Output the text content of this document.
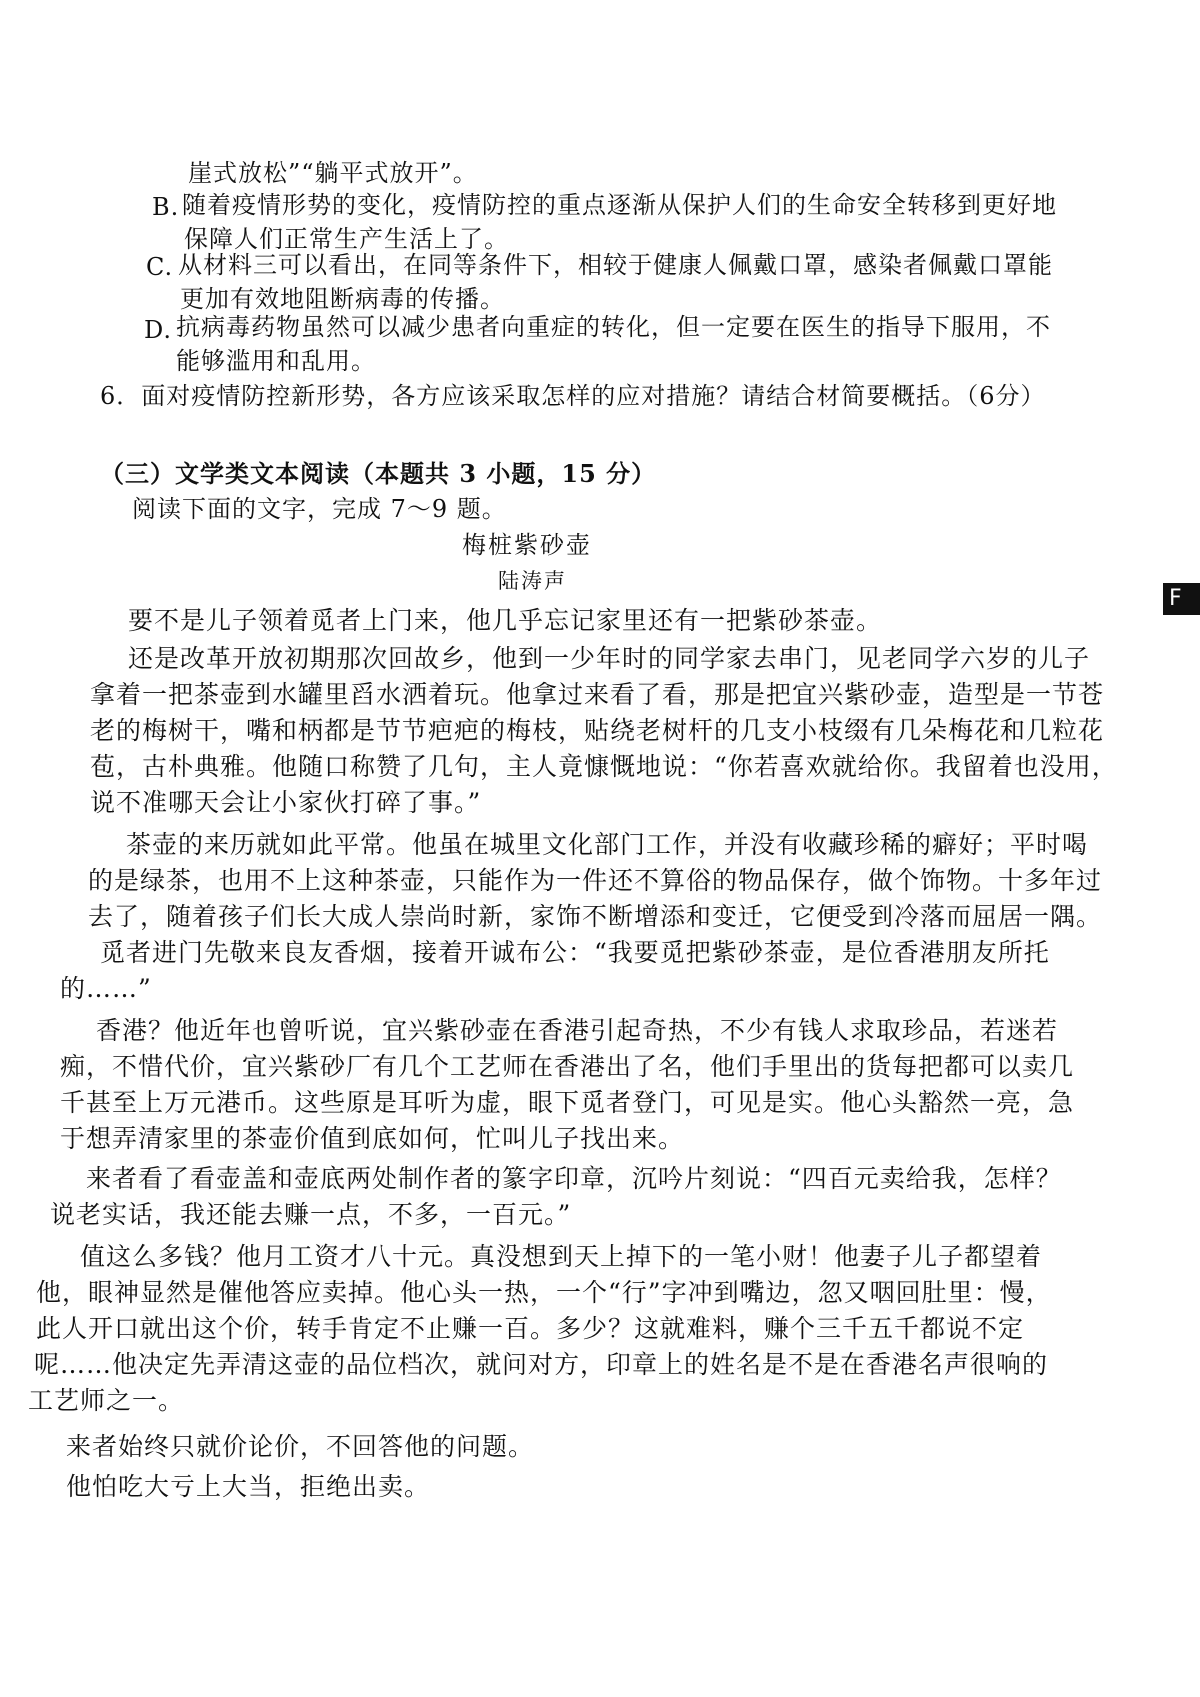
崖式放松”“躺平式放开”。
B. 随着疫情形势的变化，疫情防控的重点逐渐从保护人们的生命安全转移到更好地
保障人们正常生产生活上了。
C. 从材料三可以看出，在同等条件下，相较于健康人佩戴口罩，感染者佩戴口罩能
更加有效地阻断病毒的传播。
D. 抗病毒药物虽然可以减少患者向重症的转化，但一定要在医生的指导下服用，不
能够滥用和乱用。
6．面对疫情防控新形势，各方应该采取怎样的应对措施？请结合材简要概括。（6分）
（三）文学类文本阅读（本题共 3 小题，15 分）
阅读下面的文字，完成 7～9 题。
梅桩紫砂壶
陆涛声
要不是儿子领着觅者上门来，他几乎忘记家里还有一把紫砂茶壶。
还是改革开放初期那次回故乡，他到一少年时的同学家去串门，见老同学六岁的儿子
拿着一把茶壶到水罐里舀水洒着玩。他拿过来看了看，那是把宜兴紫砂壶，造型是一节苍
老的梅树干，嘴和柄都是节节疤疤的梅枝，贴绕老树杆的几支小枝缀有几朵梅花和几粒花
苞，古朴典雅。他随口称赞了几句，主人竟慷慨地说：“你若喜欢就给你。我留着也没用，
说不准哪天会让小家伙打碎了事。”
茶壶的来历就如此平常。他虽在城里文化部门工作，并没有收藏珍稀的癖好；平时喝
的是绿茶，也用不上这种茶壶，只能作为一件还不算俗的物品保存，做个饰物。十多年过
去了，随着孩子们长大成人崇尚时新，家饰不断增添和变迁，它便受到冷落而屈居一隅。
觅者进门先敬来良友香烟，接着开诚布公：“我要觅把紫砂茶壶，是位香港朋友所托
的……”
香港？他近年也曾听说，宜兴紫砂壶在香港引起奇热，不少有钱人求取珍品，若迷若
痴，不惜代价，宜兴紫砂厂有几个工艺师在香港出了名，他们手里出的货每把都可以卖几
千甚至上万元港币。这些原是耳听为虚，眼下觅者登门，可见是实。他心头豁然一亮，急
于想弄清家里的茶壶价值到底如何，忙叫儿子找出来。
来者看了看壶盖和壶底两处制作者的篆字印章，沉吟片刻说：“四百元卖给我，怎样？
说老实话，我还能去赚一点，不多，一百元。”
值这么多钱？他月工资才八十元。真没想到天上掉下的一笔小财！他妻子儿子都望着
他，眼神显然是催他答应卖掉。他心头一热，一个“行”字冲到嘴边，忽又咽回肚里：慢，
此人开口就出这个价，转手肯定不止赚一百。多少？这就难料，赚个三千五千都说不定
呢……他决定先弄清这壶的品位档次，就问对方，印章上的姓名是不是在香港名声很响的
工艺师之一。
来者始终只就价论价，不回答他的问题。
他怕吃大亏上大当，拒绝出卖。
F
